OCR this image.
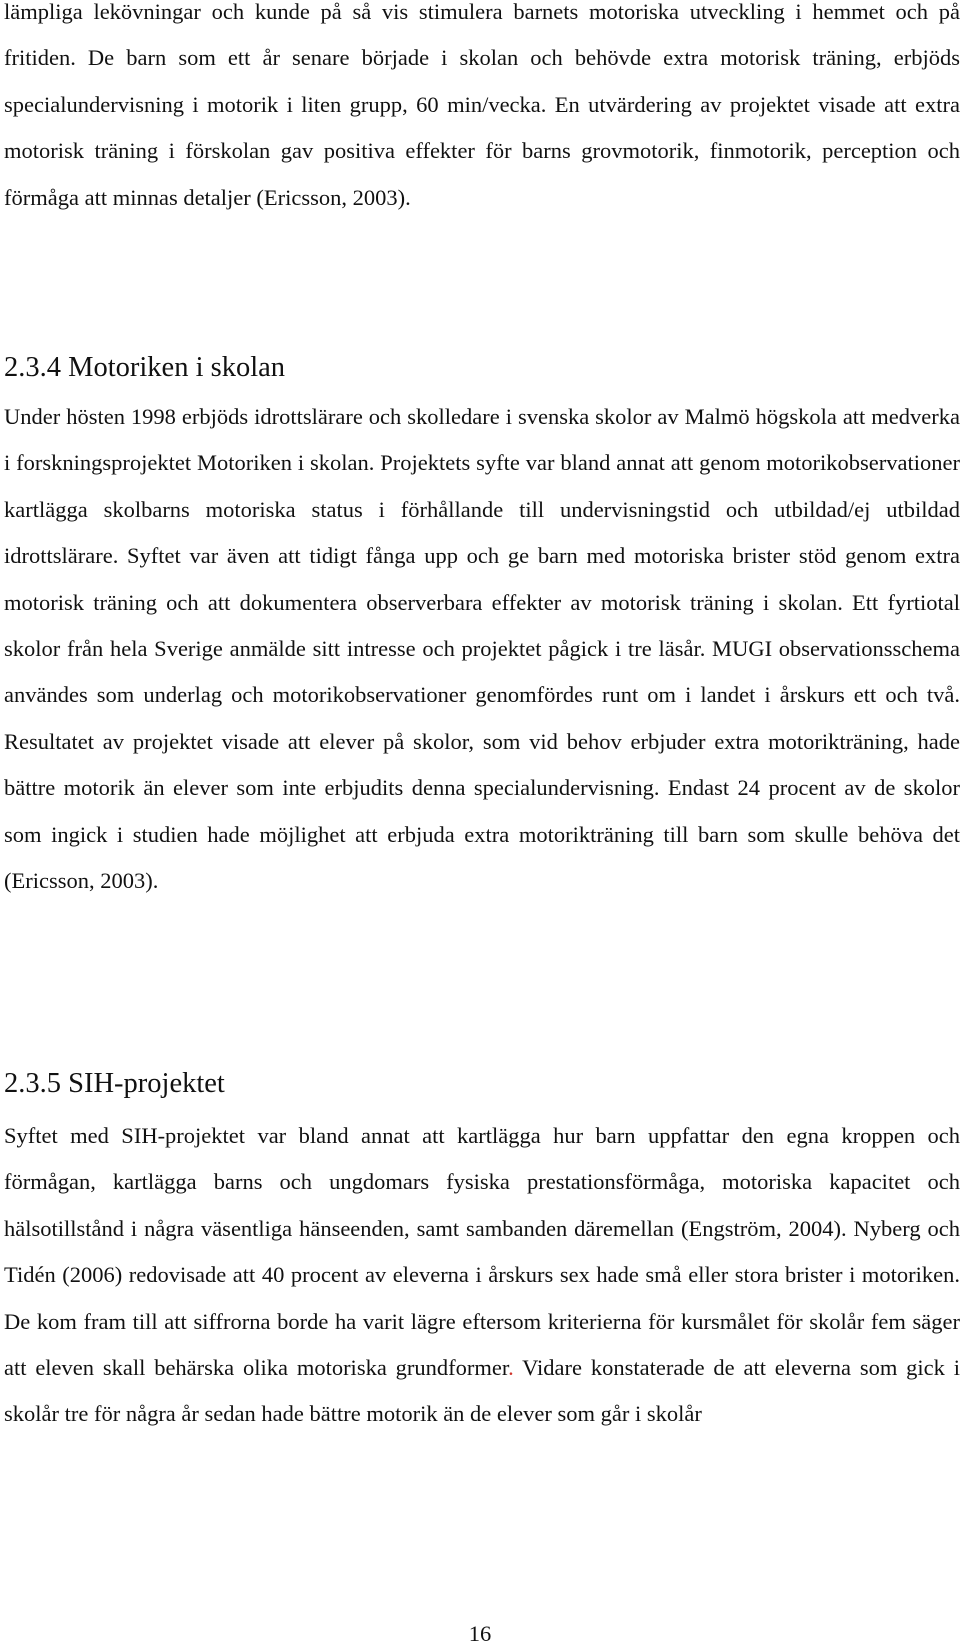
lämpliga lekövningar och kunde på så vis stimulera barnets motoriska utveckling i hemmet och på fritiden. De barn som ett år senare började i skolan och behövde extra motorisk träning, erbjöds specialundervisning i motorik i liten grupp, 60 min/vecka. En utvärdering av projektet visade att extra motorisk träning i förskolan gav positiva effekter för barns grovmotorik, finmotorik, perception och förmåga att minnas detaljer (Ericsson, 2003).

2.3.4 Motoriken i skolan

Under hösten 1998 erbjöds idrottslärare och skolledare i svenska skolor av Malmö högskola att medverka i forskningsprojektet Motoriken i skolan. Projektets syfte var bland annat att genom motorikobservationer kartlägga skolbarns motoriska status i förhållande till undervisningstid och utbildad/ej utbildad idrottslärare. Syftet var även att tidigt fånga upp och ge barn med motoriska brister stöd genom extra motorisk träning och att dokumentera observerbara effekter av motorisk träning i skolan. Ett fyrtiotal skolor från hela Sverige anmälde sitt intresse och projektet pågick i tre läsår. MUGI observationsschema användes som underlag och motorikobservationer genomfördes runt om i landet i årskurs ett och två. Resultatet av projektet visade att elever på skolor, som vid behov erbjuder extra motorikträning, hade bättre motorik än elever som inte erbjudits denna specialundervisning. Endast 24 procent av de skolor som ingick i studien hade möjlighet att erbjuda extra motorikträning till barn som skulle behöva det (Ericsson, 2003).

2.3.5 SIH-projektet

Syftet med SIH-projektet var bland annat att kartlägga hur barn uppfattar den egna kroppen och förmågan, kartlägga barns och ungdomars fysiska prestationsförmåga, motoriska kapacitet och hälsotillstånd i några väsentliga hänseenden, samt sambanden däremellan (Engström, 2004). Nyberg och Tidén (2006) redovisade att 40 procent av eleverna i årskurs sex hade små eller stora brister i motoriken. De kom fram till att siffrorna borde ha varit lägre eftersom kriterierna för kursmålet för skolår fem säger att eleven skall behärska olika motoriska grundformer. Vidare konstaterade de att eleverna som gick i skolår tre för några år sedan hade bättre motorik än de elever som går i skolår

16
